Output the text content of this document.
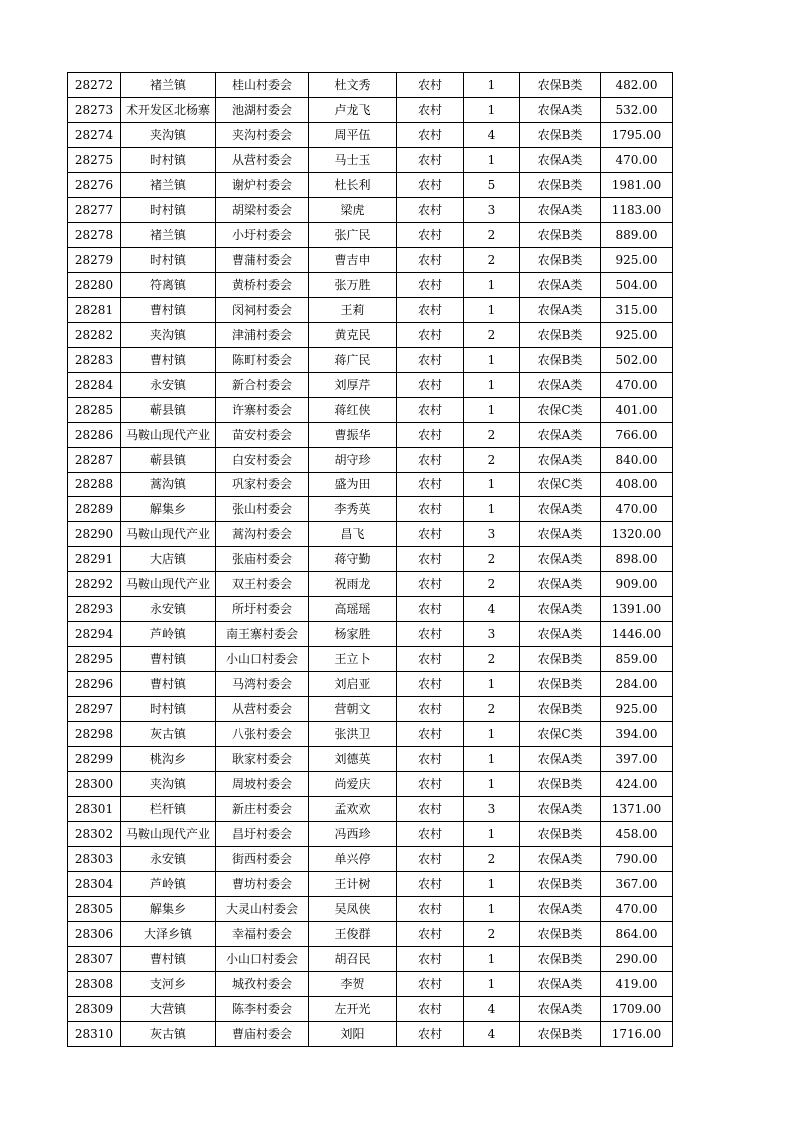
28272	褚兰镇	桂山村委会	杜文秀	农村	1	农保B类	482.00
28273	术开发区北杨寨	池湖村委会	卢龙飞	农村	1	农保A类	532.00
28274	夹沟镇	夹沟村委会	周平伍	农村	4	农保B类	1795.00
28275	时村镇	从营村委会	马士玉	农村	1	农保A类	470.00
28276	褚兰镇	谢炉村委会	杜长利	农村	5	农保B类	1981.00
28277	时村镇	胡梁村委会	梁虎	农村	3	农保A类	1183.00
28278	褚兰镇	小圩村委会	张广民	农村	2	农保B类	889.00
28279	时村镇	曹蒲村委会	曹吉申	农村	2	农保B类	925.00
28280	符离镇	黄桥村委会	张万胜	农村	1	农保A类	504.00
28281	曹村镇	闵祠村委会	王莉	农村	1	农保A类	315.00
28282	夹沟镇	津浦村委会	黄克民	农村	2	农保B类	925.00
28283	曹村镇	陈町村委会	蒋广民	农村	1	农保B类	502.00
28284	永安镇	新合村委会	刘厚芹	农村	1	农保A类	470.00
28285	蕲县镇	许寨村委会	蒋红侠	农村	1	农保C类	401.00
28286	马鞍山现代产业	苗安村委会	曹振华	农村	2	农保A类	766.00
28287	蕲县镇	白安村委会	胡守珍	农村	2	农保A类	840.00
28288	蒿沟镇	巩家村委会	盛为田	农村	1	农保C类	408.00
28289	解集乡	张山村委会	李秀英	农村	1	农保A类	470.00
28290	马鞍山现代产业	蒿沟村委会	昌飞	农村	3	农保A类	1320.00
28291	大店镇	张庙村委会	蒋守勤	农村	2	农保A类	898.00
28292	马鞍山现代产业	双王村委会	祝雨龙	农村	2	农保A类	909.00
28293	永安镇	所圩村委会	高瑶瑶	农村	4	农保A类	1391.00
28294	芦岭镇	南王寨村委会	杨家胜	农村	3	农保A类	1446.00
28295	曹村镇	小山口村委会	王立卜	农村	2	农保B类	859.00
28296	曹村镇	马湾村委会	刘启亚	农村	1	农保B类	284.00
28297	时村镇	从营村委会	营朝文	农村	2	农保B类	925.00
28298	灰古镇	八张村委会	张洪卫	农村	1	农保C类	394.00
28299	桃沟乡	耿家村委会	刘德英	农村	1	农保A类	397.00
28300	夹沟镇	周坡村委会	尚爱庆	农村	1	农保B类	424.00
28301	栏杆镇	新庄村委会	孟欢欢	农村	3	农保A类	1371.00
28302	马鞍山现代产业	昌圩村委会	冯西珍	农村	1	农保B类	458.00
28303	永安镇	街西村委会	单兴停	农村	2	农保A类	790.00
28304	芦岭镇	曹坊村委会	王计树	农村	1	农保B类	367.00
28305	解集乡	大灵山村委会	吴凤侠	农村	1	农保A类	470.00
28306	大泽乡镇	幸福村委会	王俊群	农村	2	农保B类	864.00
28307	曹村镇	小山口村委会	胡召民	农村	1	农保B类	290.00
28308	支河乡	城孜村委会	李贺	农村	1	农保A类	419.00
28309	大营镇	陈李村委会	左开光	农村	4	农保A类	1709.00
28310	灰古镇	曹庙村委会	刘阳	农村	4	农保B类	1716.00
